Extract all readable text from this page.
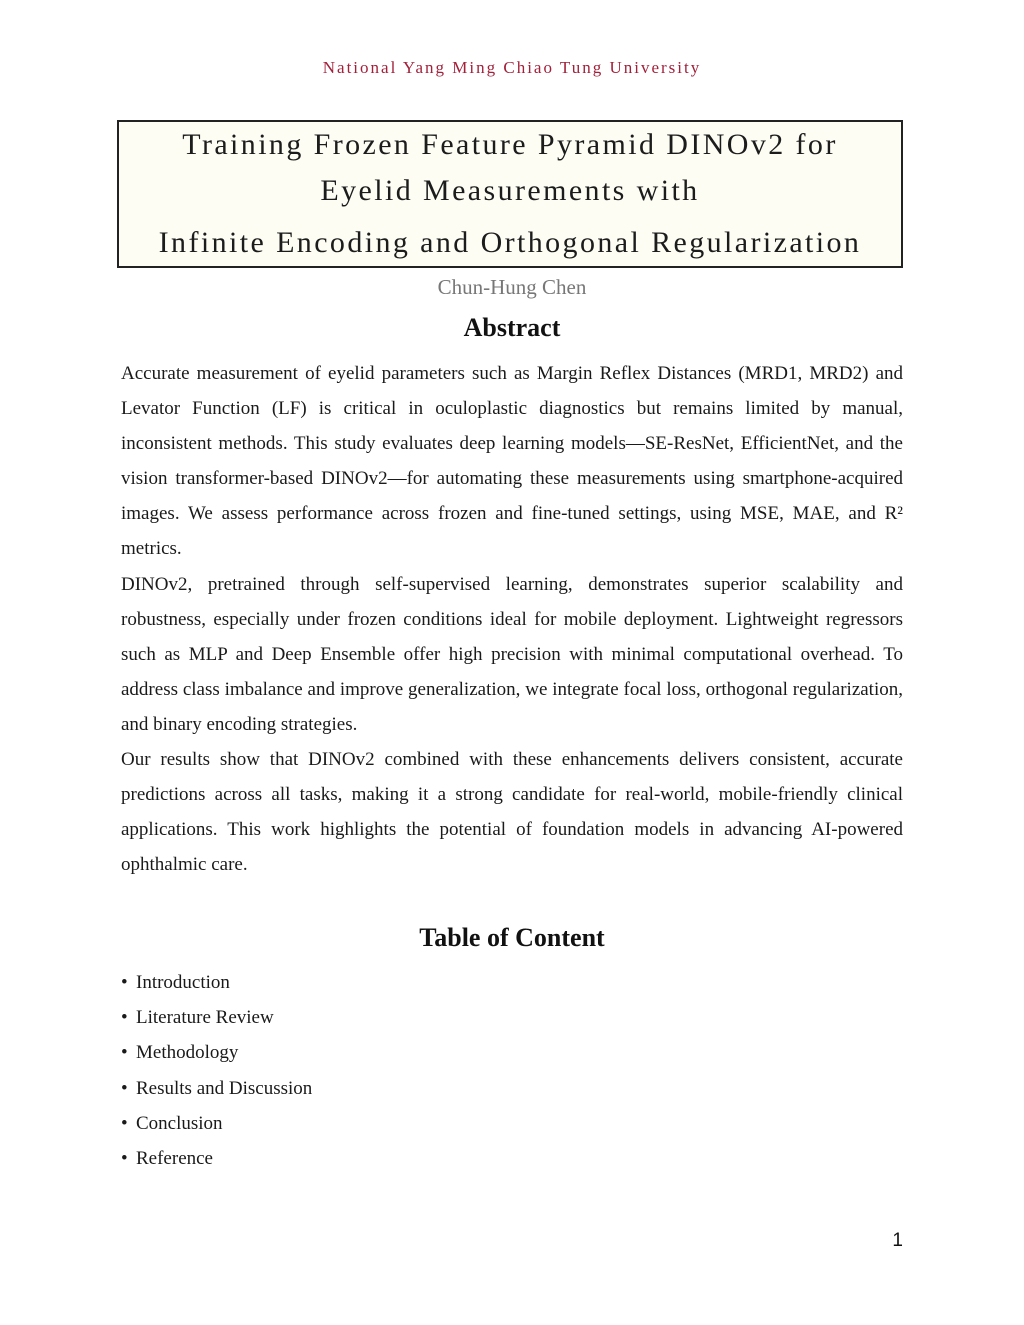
National Yang Ming Chiao Tung University
Training Frozen Feature Pyramid DINOv2 for
Eyelid Measurements with
Infinite Encoding and Orthogonal Regularization
Chun-Hung Chen
Abstract

Accurate measurement of eyelid parameters such as Margin Reflex Distances (MRD1, MRD2) and Levator Function (LF) is critical in oculoplastic diagnostics but remains limited by manual, inconsistent methods. This study evaluates deep learning models—SE-ResNet, EfficientNet, and the vision transformer-based DINOv2—for automating these measurements using smartphone-acquired images. We assess performance across frozen and fine-tuned settings, using MSE, MAE, and R² metrics.

DINOv2, pretrained through self-supervised learning, demonstrates superior scalability and robustness, especially under frozen conditions ideal for mobile deployment. Lightweight regressors such as MLP and Deep Ensemble offer high precision with minimal computational overhead. To address class imbalance and improve generalization, we integrate focal loss, orthogonal regularization, and binary encoding strategies.

Our results show that DINOv2 combined with these enhancements delivers consistent, accurate predictions across all tasks, making it a strong candidate for real-world, mobile-friendly clinical applications. This work highlights the potential of foundation models in advancing AI-powered ophthalmic care.

Table of Content
• Introduction
• Literature Review
• Methodology
• Results and Discussion
• Conclusion
• Reference
1
